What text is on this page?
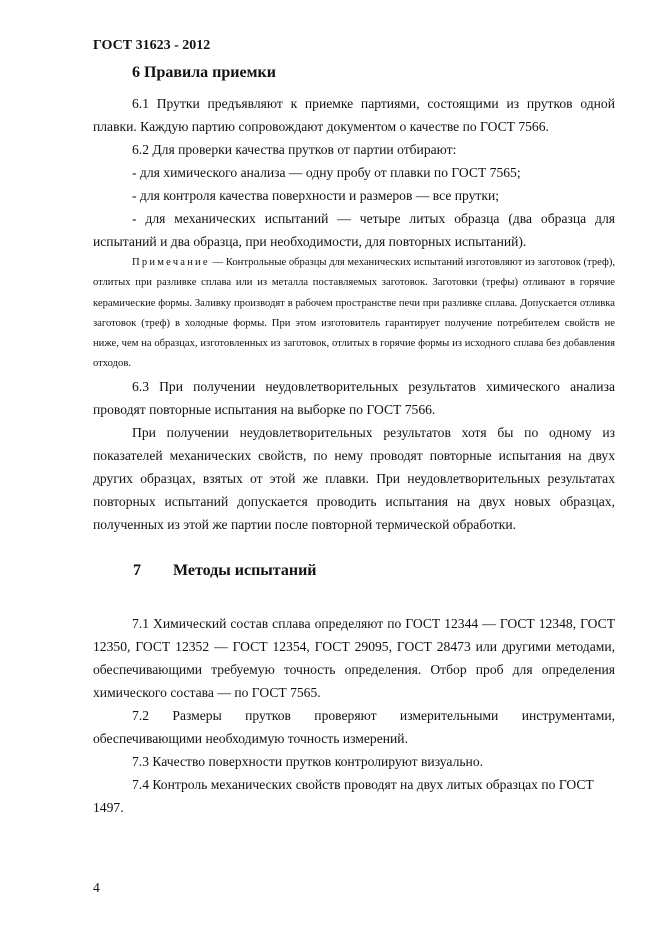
ГОСТ 31623 - 2012
6 Правила приемки

6.1 Прутки предъявляют к приемке партиями, состоящими из прутков одной плавки. Каждую партию сопровождают документом о качестве по ГОСТ 7566.

6.2 Для проверки качества прутков от партии отбирают:

- для химического анализа — одну пробу от плавки по ГОСТ 7565;

- для контроля качества поверхности и размеров — все прутки;

- для механических испытаний — четыре литых образца (два образца для испытаний и два образца, при необходимости, для повторных испытаний).

Примечание — Контрольные образцы для механических испытаний изготовляют из заготовок (треф), отлитых при разливке сплава или из металла поставляемых заготовок. Заготовки (трефы) отливают в горячие керамические формы. Заливку производят в рабочем пространстве печи при разливке сплава. Допускается отливка заготовок (треф) в холодные формы. При этом изготовитель гарантирует получение потребителем свойств не ниже, чем на образцах, изготовленных из заготовок, отлитых в горячие формы из исходного сплава без добавления отходов.

6.3 При получении неудовлетворительных результатов химического анализа проводят повторные испытания на выборке по ГОСТ 7566.

При получении неудовлетворительных результатов хотя бы по одному из показателей механических свойств, по нему проводят повторные испытания на двух других образцах, взятых от этой же плавки. При неудовлетворительных результатах повторных испытаний допускается проводить испытания на двух новых образцах, полученных из этой же партии после повторной термической обработки.

7 Методы испытаний

7.1 Химический состав сплава определяют по ГОСТ 12344 — ГОСТ 12348, ГОСТ 12350, ГОСТ 12352 — ГОСТ 12354, ГОСТ 29095, ГОСТ 28473 или другими методами, обеспечивающими требуемую точность определения. Отбор проб для определения химического состава — по ГОСТ 7565.

7.2 Размеры прутков проверяют измерительными инструментами, обеспечивающими необходимую точность измерений.

7.3 Качество поверхности прутков контролируют визуально.

7.4 Контроль механических свойств проводят на двух литых образцах по ГОСТ 1497.

4
